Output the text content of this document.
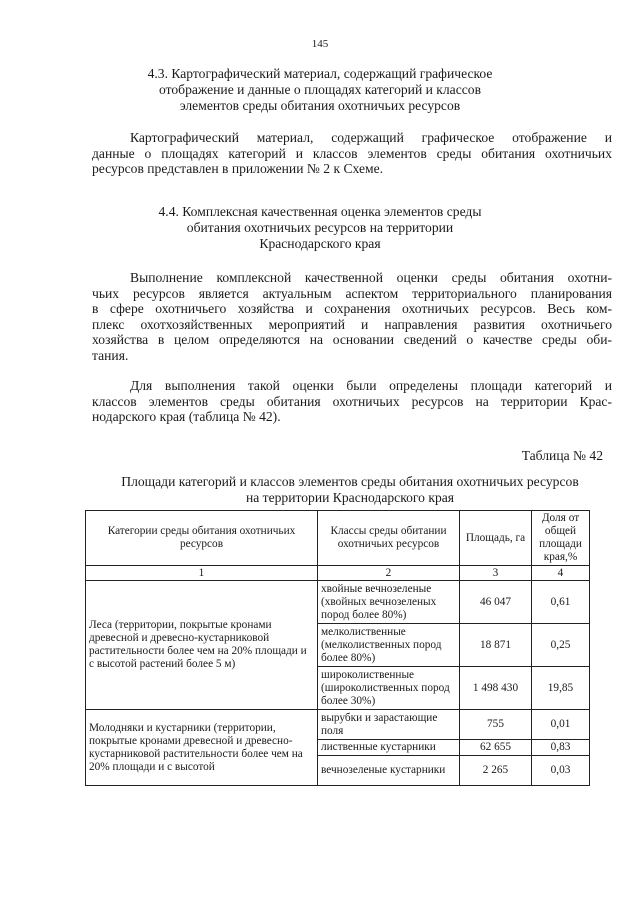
145
4.3. Картографический материал, содержащий графическое
отображение и данные о площадях категорий и классов
элементов среды обитания охотничьих ресурсов
Картографический материал, содержащий графическое отображение и
данные о площадях категорий и классов элементов среды обитания охотничьих
ресурсов представлен в приложении № 2 к Схеме.
4.4. Комплексная качественная оценка элементов среды
обитания охотничьих ресурсов на территории
Краснодарского края
Выполнение комплексной качественной оценки среды обитания охотни-
чьих ресурсов является актуальным аспектом территориального планирования
в сфере охотничьего хозяйства и сохранения охотничьих ресурсов. Весь ком-
плекс охотхозяйственных мероприятий и направления развития охотничьего
хозяйства в целом определяются на основании сведений о качестве среды оби-
тания.
Для выполнения такой оценки были определены площади категорий и
классов элементов среды обитания охотничьих ресурсов на территории Крас-
нодарского края (таблица № 42).
Таблица № 42
Площади категорий и классов элементов среды обитания охотничьих ресурсов
на территории Краснодарского края
Категории среды обитания охотничьих ресурсов	Классы среды обитании охотничьих ресурсов	Площадь, га	Доля от общей площади края,%
1	2	3	4
Леса (территории, покрытые кронами древесной и древесно-кустарниковой растительности более чем на 20% площади и с высотой растений более 5 м)	хвойные вечнозеленые (хвойных вечнозеленых пород более 80%)	46 047	0,61
	мелколиственные (мелколиственных пород более 80%)	18 871	0,25
	широколиственные (широколиственных пород более 30%)	1 498 430	19,85
Молодняки и кустарники (территории, покрытые кронами древесной и древесно-кустарниковой растительности более чем на 20% площади и с высотой	вырубки и зарастающие поля	755	0,01
	лиственные кустарники	62 655	0,83
	вечнозеленые кустарники	2 265	0,03
